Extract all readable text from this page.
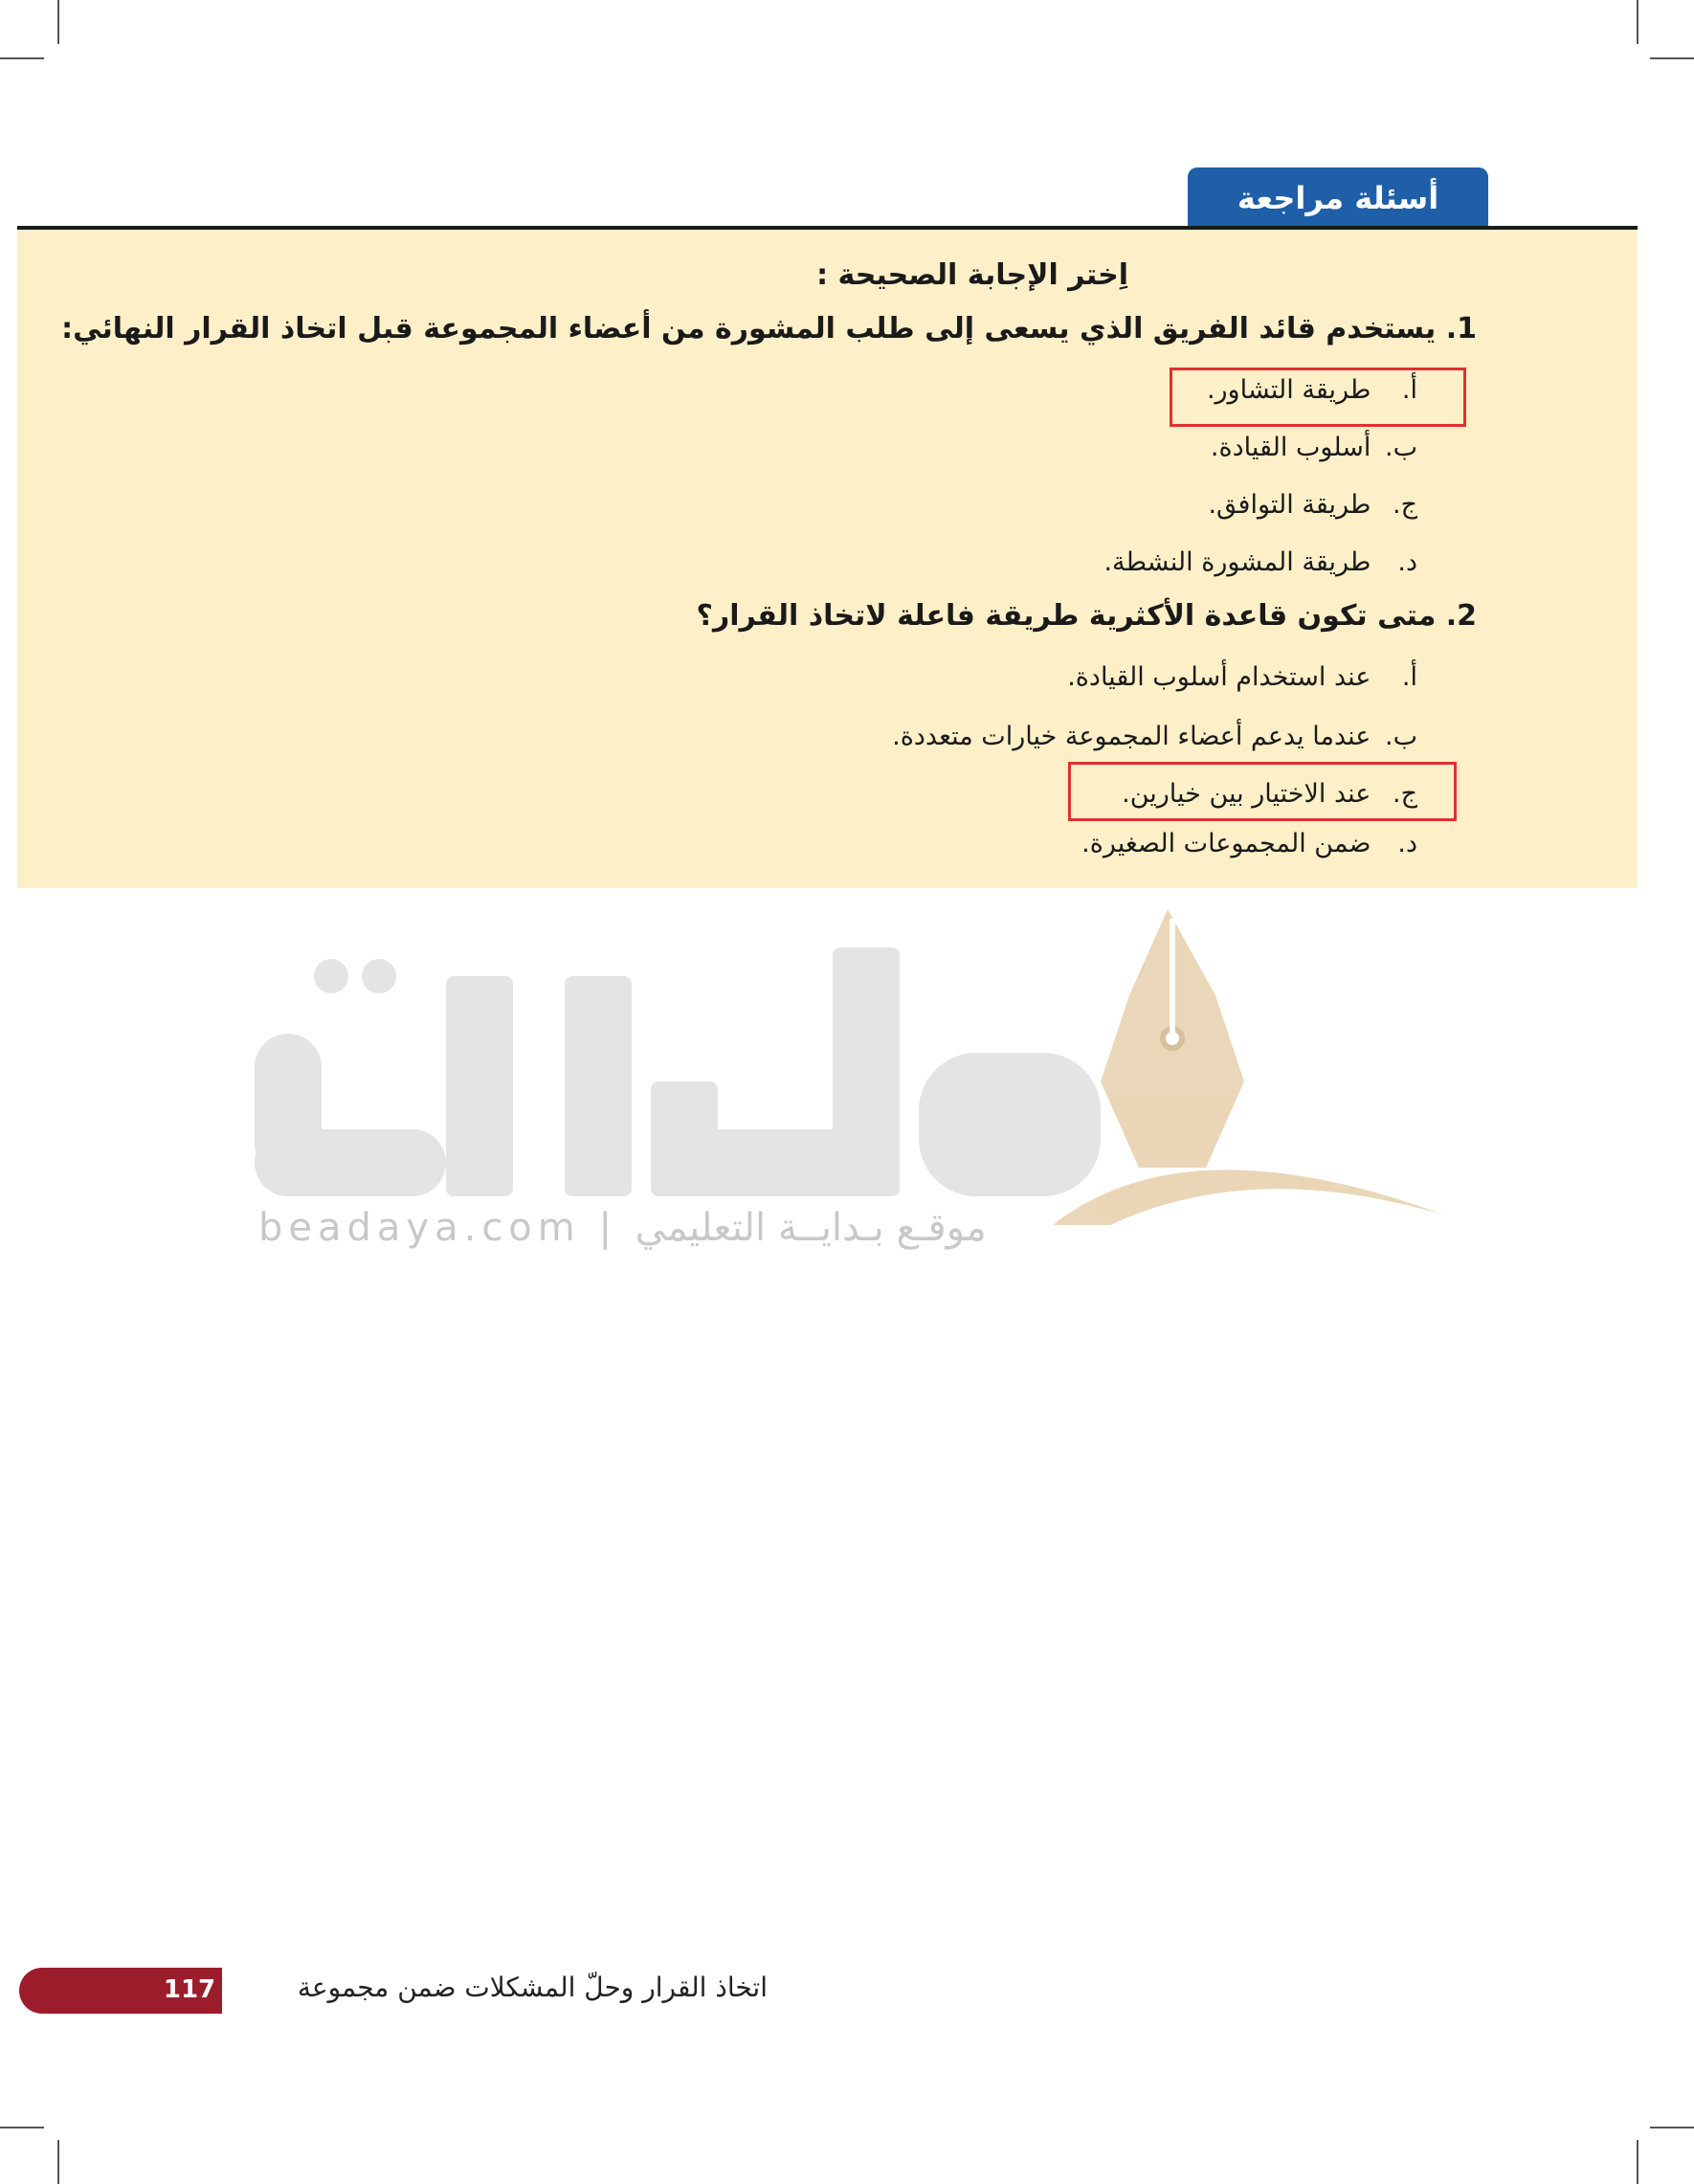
أسئلة مراجعة
اِختر الإجابة الصحيحة :
1. يستخدم قائد الفريق الذي يسعى إلى طلب المشورة من أعضاء المجموعة قبل اتخاذ القرار النهائي:
أ. طريقة التشاور.
ب. أسلوب القيادة.
ج. طريقة التوافق.
د. طريقة المشورة النشطة.
2. متى تكون قاعدة الأكثرية طريقة فاعلة لاتخاذ القرار؟
أ. عند استخدام أسلوب القيادة.
ب. عندما يدعم أعضاء المجموعة خيارات متعددة.
ج. عند الاختيار بين خيارين.
د. ضمن المجموعات الصغيرة.
beadaya.com | موقـع بـدايــة التعليمي
117	اتخاذ القرار وحلّ المشكلات ضمن مجموعة
